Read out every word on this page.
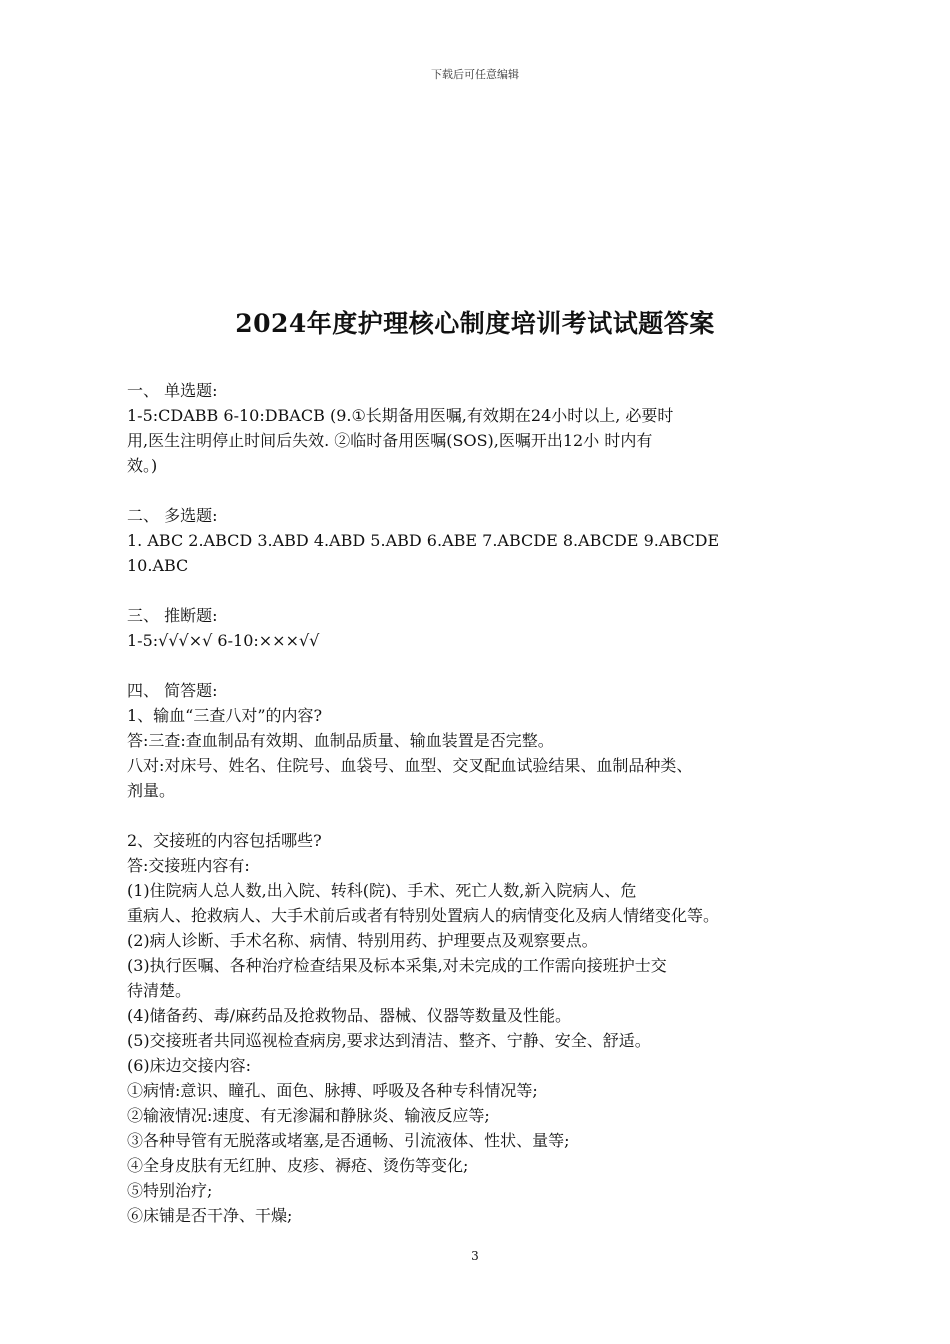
下载后可任意编辑
2024年度护理核心制度培训考试试题答案

一、 单选题:

1-5:CDABB 6-10:DBACB (9.①长期备用医嘱,有效期在24小时以上, 必要时

用,医生注明停止时间后失效. ②临时备用医嘱(SOS),医嘱开出12小 时内有

效。)

二、 多选题:

1. ABC 2.ABCD 3.ABD 4.ABD 5.ABD 6.ABE 7.ABCDE 8.ABCDE 9.ABCDE

10.ABC

三、 推断题:

1-5:√√√×√ 6-10:×××√√

四、 简答题:

1、输血“三查八对”的内容?

答:三查:查血制品有效期、血制品质量、输血装置是否完整。

八对:对床号、姓名、住院号、血袋号、血型、交叉配血试验结果、血制品种类、

剂量。

2、交接班的内容包括哪些?

答:交接班内容有:

(1)住院病人总人数,出入院、转科(院)、手术、死亡人数,新入院病人、危

重病人、抢救病人、大手术前后或者有特别处置病人的病情变化及病人情绪变化等。

(2)病人诊断、手术名称、病情、特别用药、护理要点及观察要点。

(3)执行医嘱、各种治疗检查结果及标本采集,对未完成的工作需向接班护士交

待清楚。

(4)储备药、毒/麻药品及抢救物品、器械、仪器等数量及性能。

(5)交接班者共同巡视检查病房,要求达到清洁、整齐、宁静、安全、舒适。

(6)床边交接内容:

①病情:意识、瞳孔、面色、脉搏、呼吸及各种专科情况等;

②输液情况:速度、有无渗漏和静脉炎、输液反应等;

③各种导管有无脱落或堵塞,是否通畅、引流液体、性状、量等;

④全身皮肤有无红肿、皮疹、褥疮、烫伤等变化;

⑤特别治疗;

⑥床铺是否干净、干燥;

3
